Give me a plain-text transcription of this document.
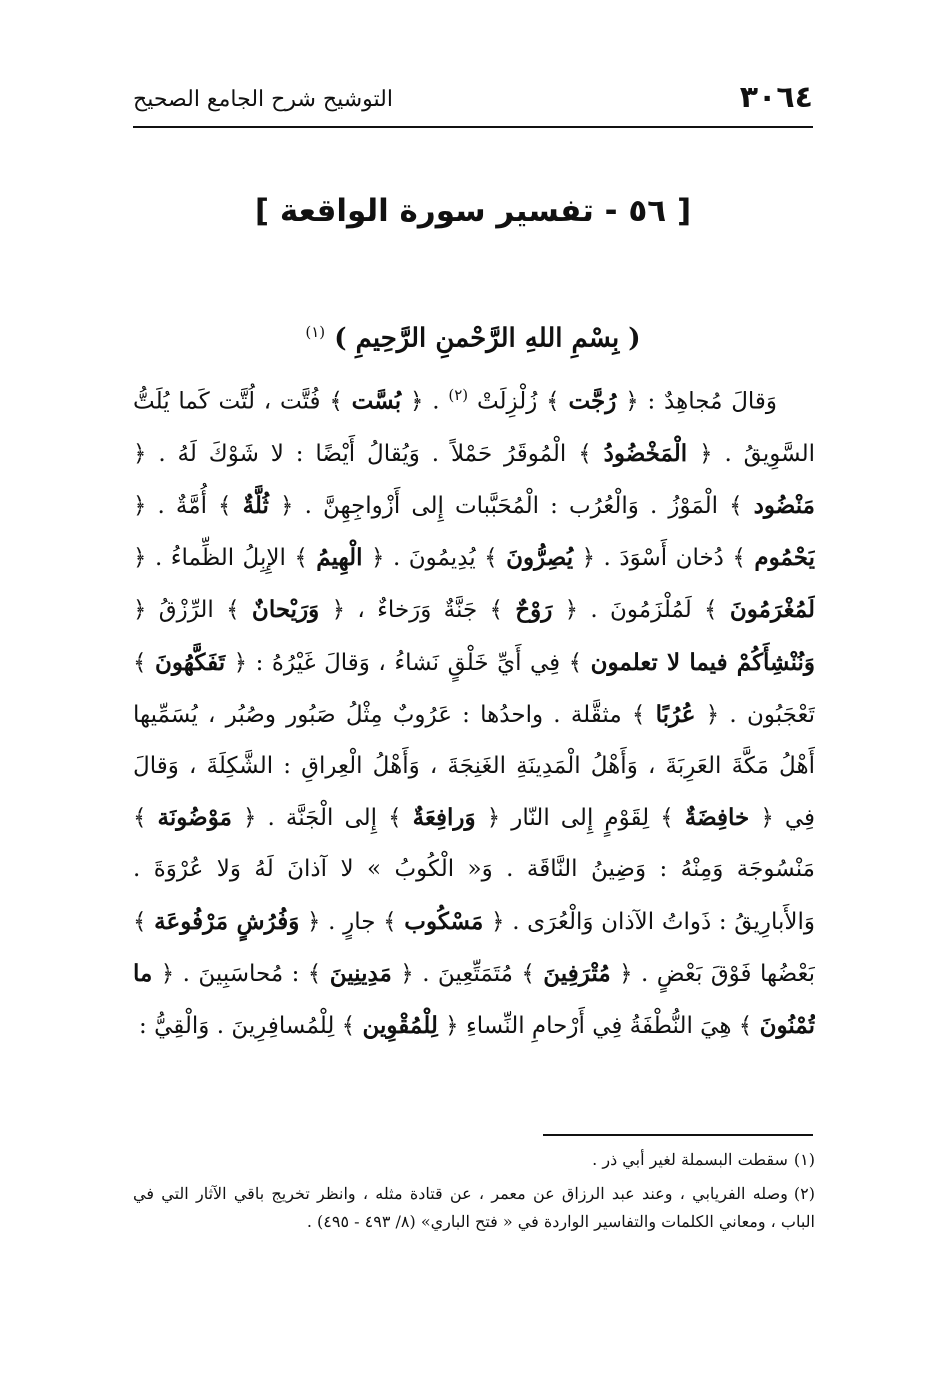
٣٠٦٤
التوشيح شرح الجامع الصحيح
[ ٥٦ - تفسير سورة الواقعة ]
( بِسْمِ اللهِ الرَّحْمنِ الرَّحِيمِ ) $^{(١)}$
وَقالَ مُجاهِدٌ : ﴿ رُجَّت ﴾ زُلْزِلَتْ $^{(٢)}$ . ﴿ بُسَّت ﴾ فُتَّت ، لُتَّت كَما يُلَتُّ السَّوِيقُ . ﴿ الْمَخْضُودُ ﴾ الْمُوقَرُ حَمْلاً . وَيُقالُ أَيْضًا : لا شَوْكَ لَهُ . ﴿ مَنْضُود ﴾ الْمَوْزُ . وَالْعُرُب : الْمُحَبَّبات إِلى أَزْواجِهِنَّ . ﴿ ثُلَّةٌ ﴾ أُمَّةٌ . ﴿ يَحْمُوم ﴾ دُخان أَسْوَدَ . ﴿ يُصِرُّونَ ﴾ يُدِيمُونَ . ﴿ الْهِيمُ ﴾ الإِبِلُ الظِّماءُ . ﴿ لَمُغْرَمُونَ ﴾ لَمُلْزَمُونَ . ﴿ رَوْحٌ ﴾ جَنَّةٌ وَرَخاءٌ ، ﴿ وَرَيْحانٌ ﴾ الرِّزْقُ ﴿ وَنُنْشِأَكُمْ فيما لا تعلمون ﴾ فِي أَيِّ خَلْقٍ نَشاءُ ، وَقالَ غَيْرُهُ : ﴿ تَفَكَّهُونَ ﴾ تَعْجَبُون . ﴿ عُرُبًا ﴾ مثقَّلة . واحدُها : عَرُوبٌ مِثْلُ صَبُور وصُبُر ، يُسَمِّيها أَهْلُ مَكَّةَ العَرِبَةَ ، وَأَهْلُ الْمَدِينَةِ الغَنِجَةَ ، وَأَهْلُ الْعِراقِ : الشَّكِلَةَ ، وَقالَ فِي ﴿ خافِضَةٌ ﴾ لِقَوْمٍ إِلى النّار ﴿ وَرافِعَةٌ ﴾ إِلى الْجَنَّة . ﴿ مَوْضُونَة ﴾ مَنْسُوجَة وَمِنْهُ : وَضِينُ النَّاقَة . وَ« الْكُوبُ » لا آذانَ لَهُ وَلا عُرْوَةَ . وَالأَبارِيقُ : ذَواتُ الآذان وَالْعُرَى . ﴿ مَسْكُوب ﴾ جارٍ . ﴿ وَفُرُشٍ مَرْفُوعَة ﴾ بَعْضُها فَوْقَ بَعْضٍ . ﴿ مُتْرَفِينَ ﴾ مُتَمَتِّعِينَ . ﴿ مَدِينِينَ ﴾ : مُحاسَبِينَ . ﴿ ما تُمْنُونَ ﴾ هِيَ النُّطْفَةُ فِي أَرْحامِ النِّساءِ ﴿ لِلْمُقْوِين ﴾ لِلْمُسافِرِينَ . وَالْقِيُّ :

(١)سقطت البسملة لغير أبي ذر .

(٢)وصله الفريابي ، وعند عبد الرزاق عن معمر ، عن قتادة مثله ، وانظر تخريج باقي الآثار التي في الباب ، ومعاني الكلمات والتفاسير الواردة في « فتح الباري» (٨/ ٤٩٣ - ٤٩٥) .
